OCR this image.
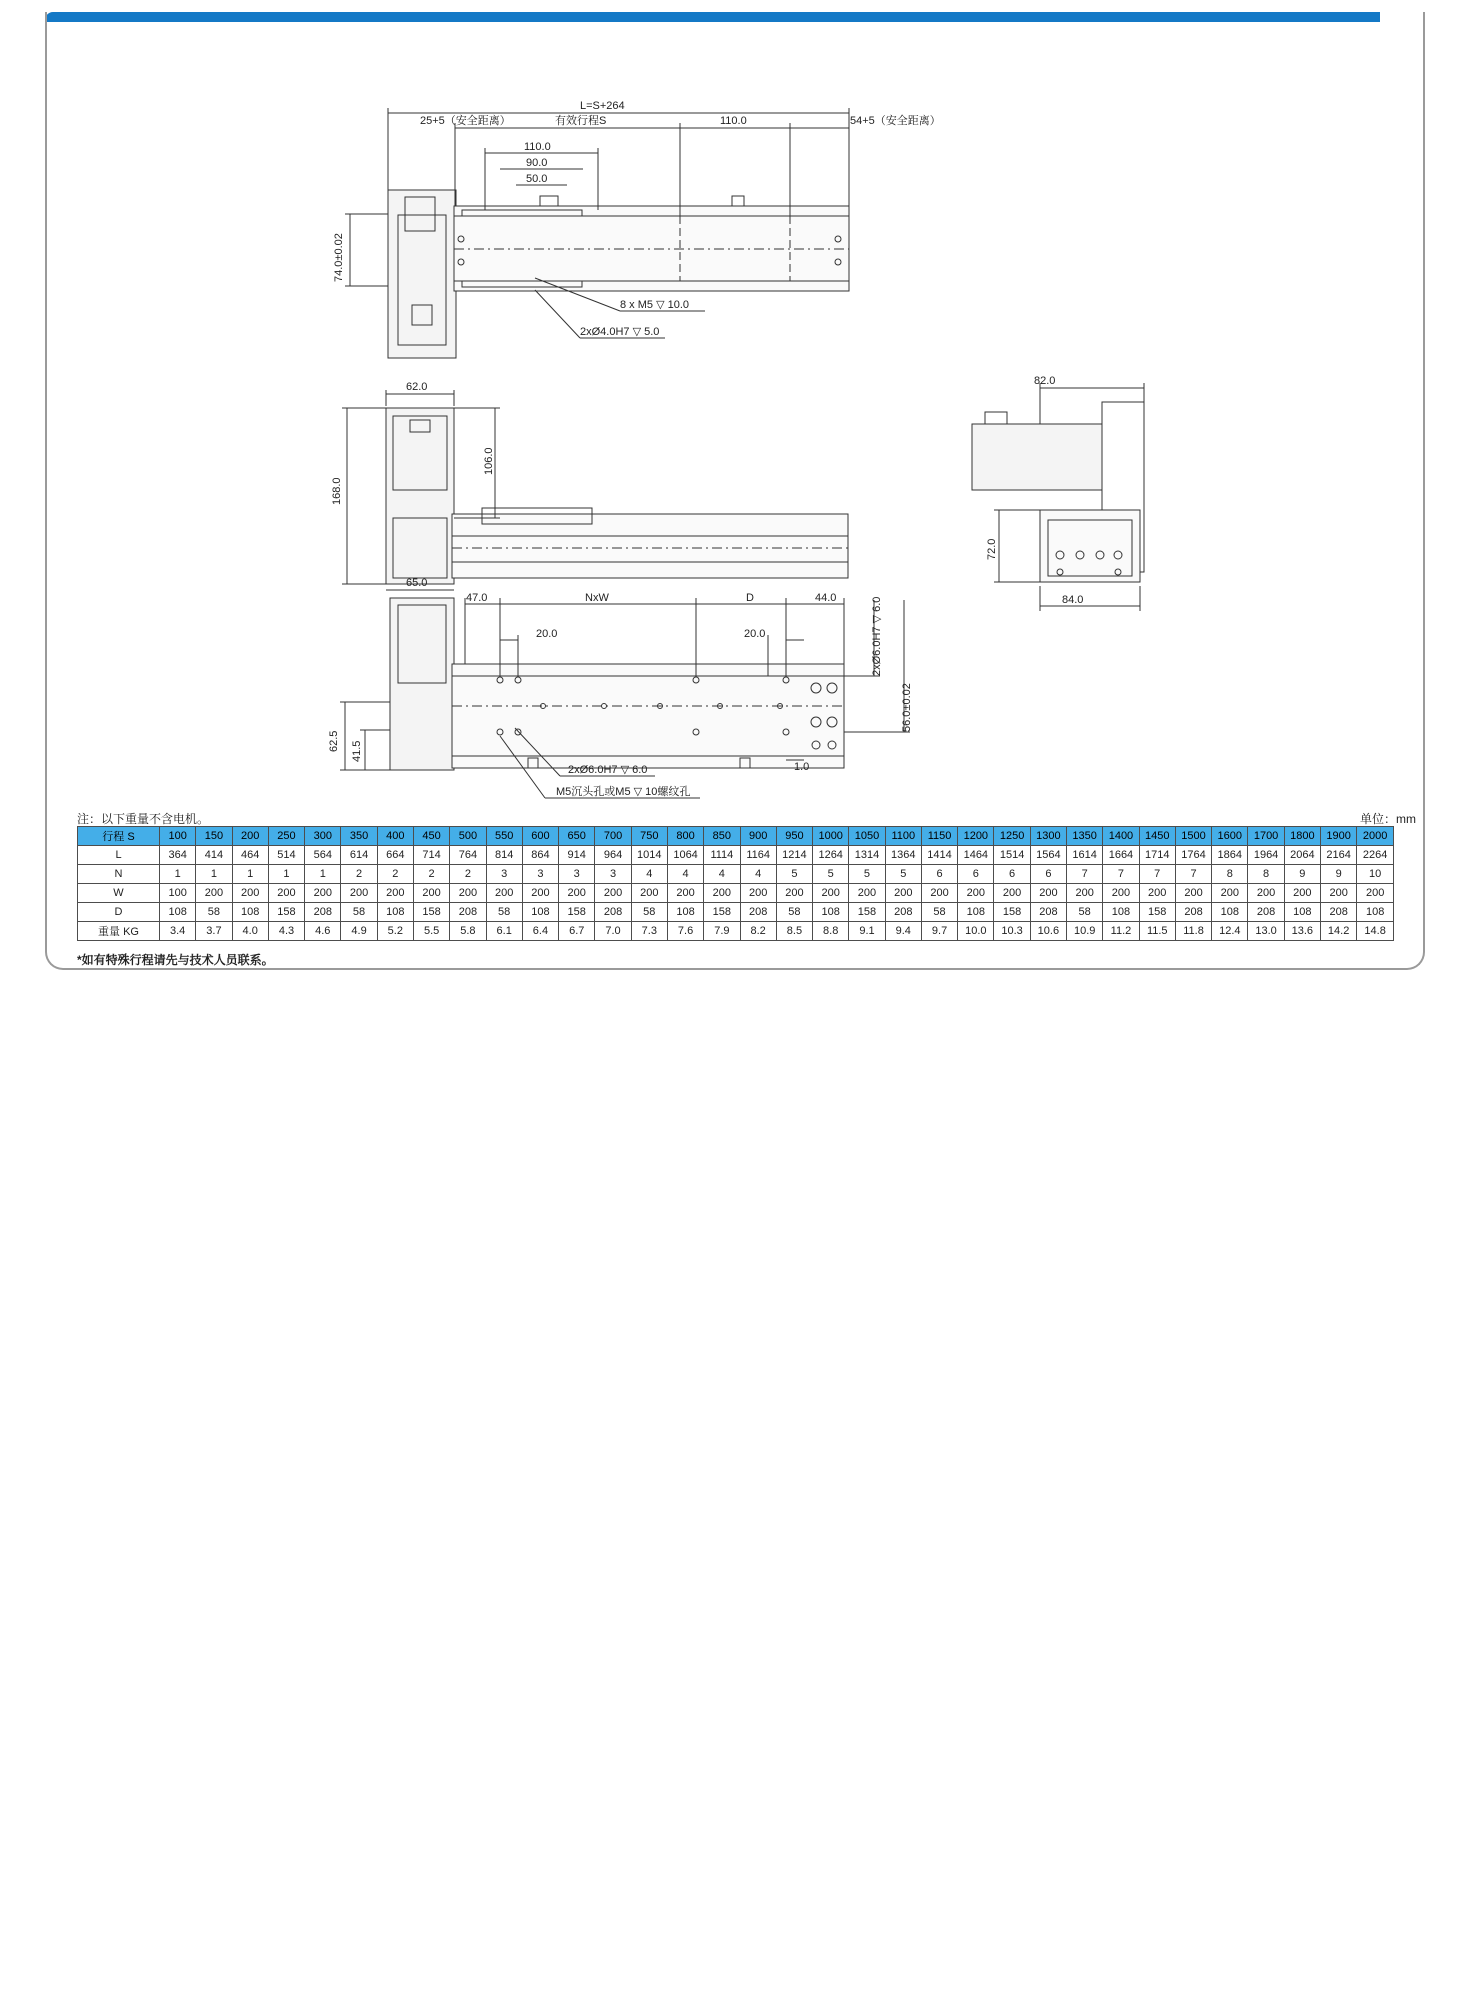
【RU 电机右上折】
L=S+264
25+5（安全距离）	有效行程S	110.0	54+5（安全距离）
110.0
90.0
50.0
74.0±0.02
8 x M5 ▽ 10.0
2xØ4.0H7 ▽ 5.0
62.0
168.0
106.0
65.0
82.0
72.0
84.0
47.0	NxW	D	44.0
20.0	20.0	2xØ6.0H7 ▽ 6.0
56.0±0.02
62.5 41.5
1.0
2xØ6.0H7 ▽ 6.0
M5沉头孔或M5 ▽ 10螺纹孔
注：以下重量不含电机。	单位：mm
行程 S	100	150	200	250	300	350	400	450	500	550	600	650	700	750	800	850	900	950	1000	1050	1100	1150	1200	1250	1300	1350	1400	1450	1500	1600	1700	1800	1900	2000
L	364	414	464	514	564	614	664	714	764	814	864	914	964	1014	1064	1114	1164	1214	1264	1314	1364	1414	1464	1514	1564	1614	1664	1714	1764	1864	1964	2064	2164	2264
N	1	1	1	1	1	2	2	2	2	3	3	3	3	4	4	4	4	5	5	5	5	6	6	6	6	7	7	7	7	8	8	9	9	10
W	100	200	200	200	200	200	200	200	200	200	200	200	200	200	200	200	200	200	200	200	200	200	200	200	200	200	200	200	200	200	200	200	200	200
D	108	58	108	158	208	58	108	158	208	58	108	158	208	58	108	158	208	58	108	158	208	58	108	158	208	58	108	158	208	108	208	108	208	108
重量 KG	3.4	3.7	4.0	4.3	4.6	4.9	5.2	5.5	5.8	6.1	6.4	6.7	7.0	7.3	7.6	7.9	8.2	8.5	8.8	9.1	9.4	9.7	10.0	10.3	10.6	10.9	11.2	11.5	11.8	12.4	13.0	13.6	14.2	14.8
*如有特殊行程请先与技术人员联系。
